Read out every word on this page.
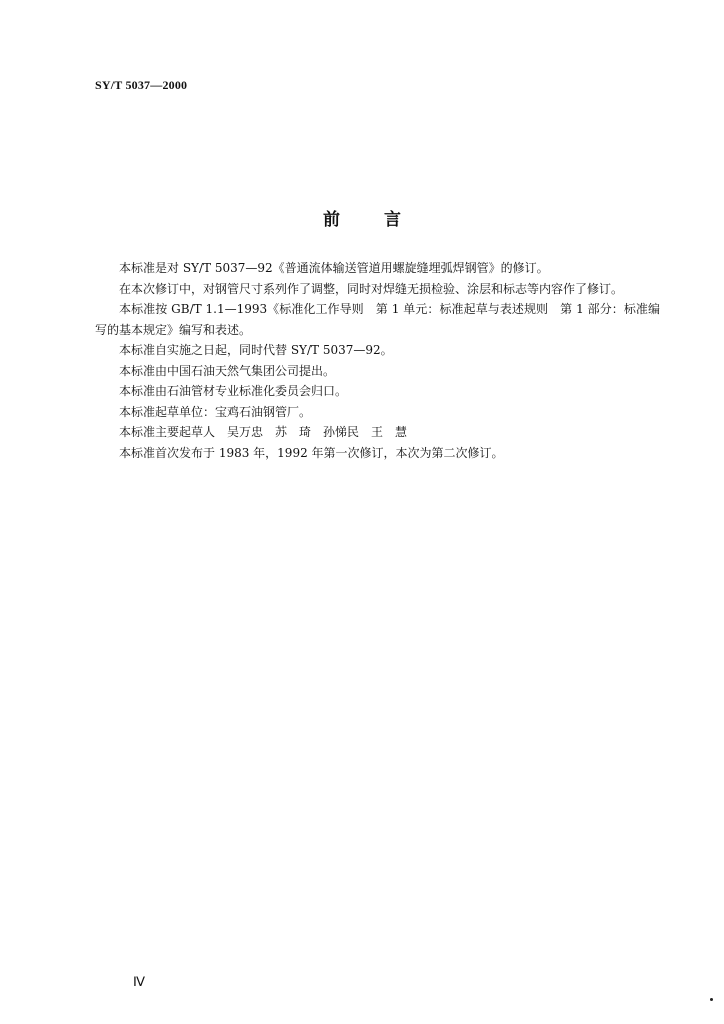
SY/T 5037—2000
前	言

本标准是对 SY/T 5037—92《普通流体输送管道用螺旋缝埋弧焊钢管》的修订。

在本次修订中，对钢管尺寸系列作了调整，同时对焊缝无损检验、涂层和标志等内容作了修订。

本标准按 GB/T 1.1—1993《标准化工作导则　第 1 单元：标准起草与表述规则　第 1 部分：标准编写的基本规定》编写和表述。

本标准自实施之日起，同时代替 SY/T 5037—92。

本标准由中国石油天然气集团公司提出。

本标准由石油管材专业标准化委员会归口。

本标准起草单位：宝鸡石油钢管厂。

本标准主要起草人　吴万忠　苏　琦　孙悌民　王　慧

本标准首次发布于 1983 年，1992 年第一次修订，本次为第二次修订。

Ⅳ
